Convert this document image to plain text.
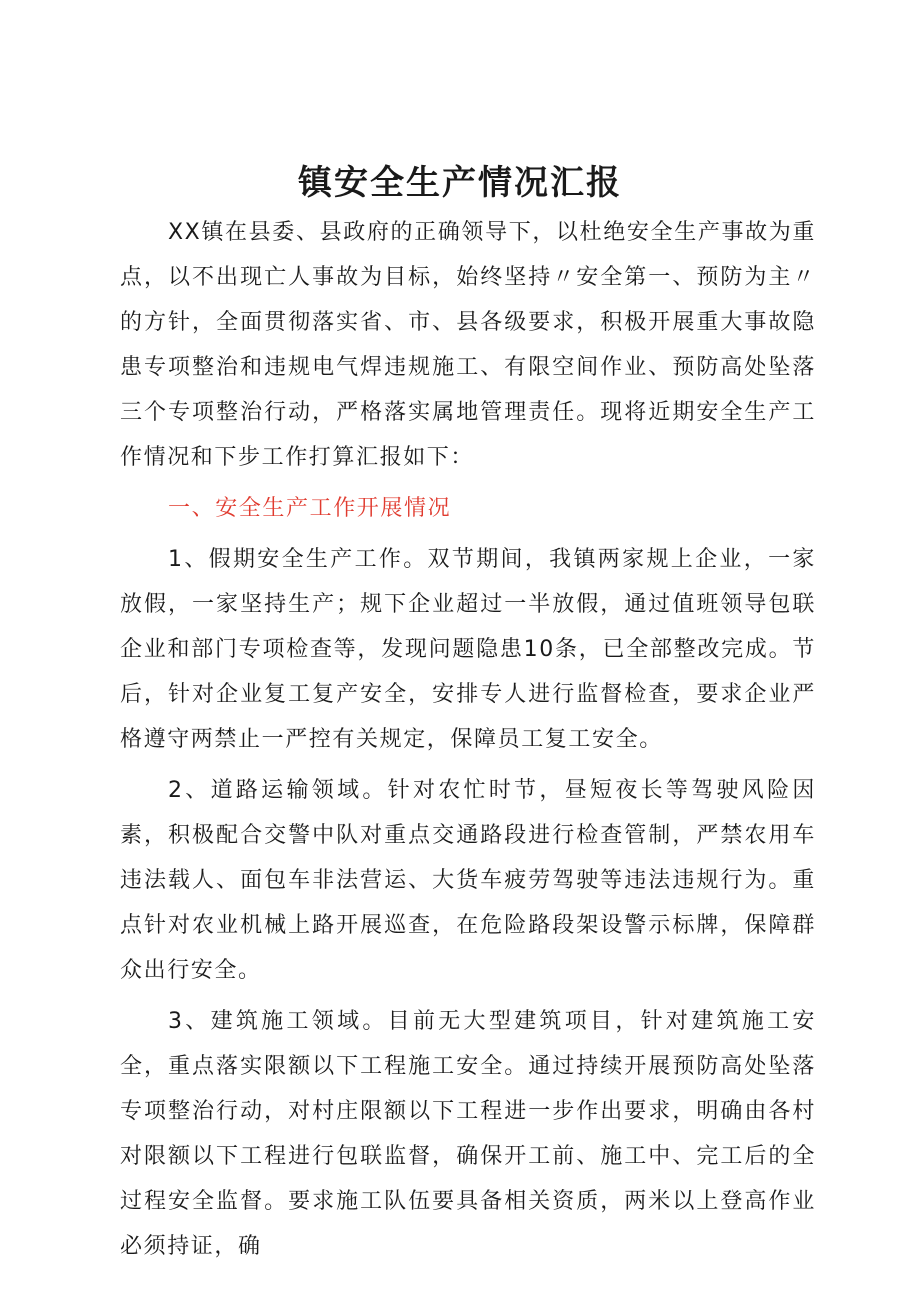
镇安全生产情况汇报

XX镇在县委、县政府的正确领导下，以杜绝安全生产事故为重点，以不出现亡人事故为目标，始终坚持〃安全第一、预防为主〃的方针，全面贯彻落实省、市、县各级要求，积极开展重大事故隐患专项整治和违规电气焊违规施工、有限空间作业、预防高处坠落三个专项整治行动，严格落实属地管理责任。现将近期安全生产工作情况和下步工作打算汇报如下：

一、安全生产工作开展情况

1、假期安全生产工作。双节期间，我镇两家规上企业，一家放假，一家坚持生产；规下企业超过一半放假，通过值班领导包联企业和部门专项检查等，发现问题隐患10条，已全部整改完成。节后，针对企业复工复产安全，安排专人进行监督检查，要求企业严格遵守两禁止一严控有关规定，保障员工复工安全。

2、道路运输领域。针对农忙时节，昼短夜长等驾驶风险因素，积极配合交警中队对重点交通路段进行检查管制，严禁农用车违法载人、面包车非法营运、大货车疲劳驾驶等违法违规行为。重点针对农业机械上路开展巡查，在危险路段架设警示标牌，保障群众出行安全。

3、建筑施工领域。目前无大型建筑项目，针对建筑施工安全，重点落实限额以下工程施工安全。通过持续开展预防高处坠落专项整治行动，对村庄限额以下工程进一步作出要求，明确由各村对限额以下工程进行包联监督，确保开工前、施工中、完工后的全过程安全监督。要求施工队伍要具备相关资质，两米以上登高作业必须持证，确
